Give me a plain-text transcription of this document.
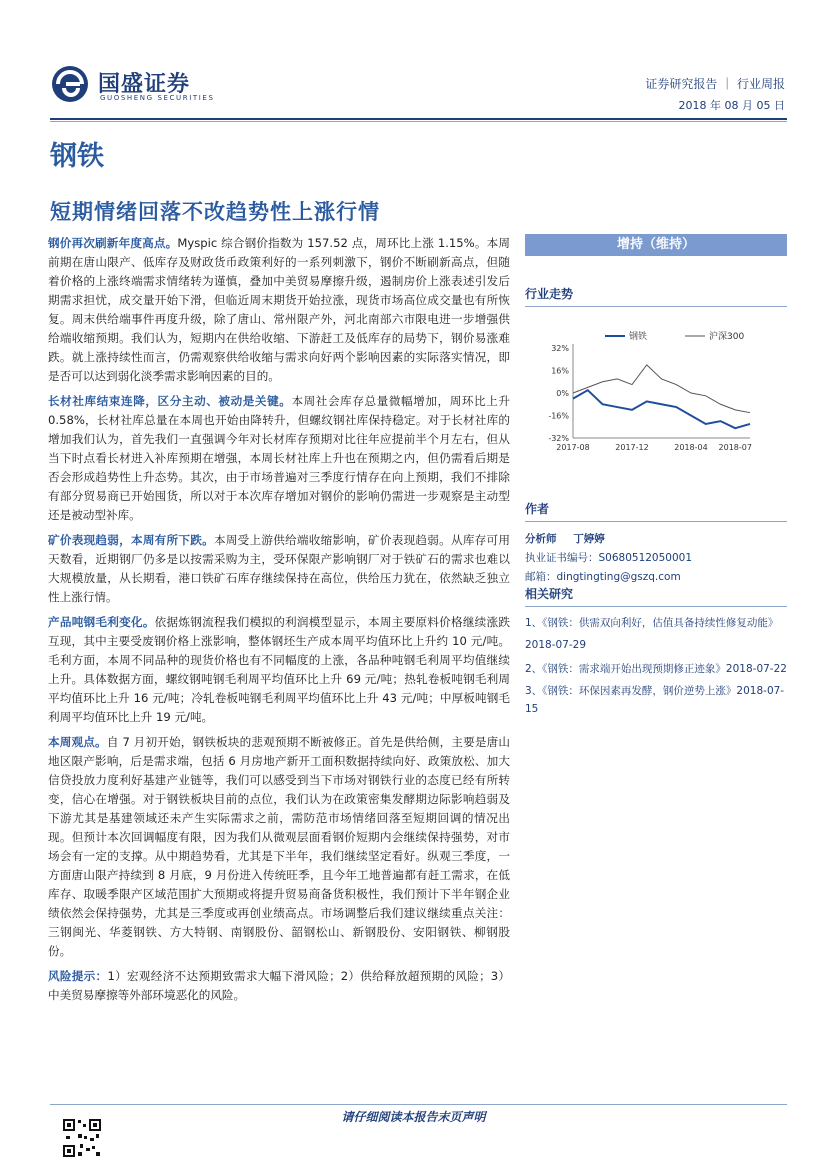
国盛证券
GUOSHENG SECURITIES
证券研究报告 ｜ 行业周报
2018 年 08 月 05 日
钢铁
短期情绪回落不改趋势性上涨行情

钢价再次刷新年度高点。Myspic 综合钢价指数为 157.52 点，周环比上涨 1.15%。本周前期在唐山限产、低库存及财政货币政策利好的一系列刺激下，钢价不断刷新高点，但随着价格的上涨终端需求情绪转为谨慎，叠加中美贸易摩擦升级，遏制房价上涨表述引发后期需求担忧，成交量开始下滑，但临近周末期货开始拉涨，现货市场高位成交量也有所恢复。周末供给端事件再度升级，除了唐山、常州限产外，河北南部六市限电进一步增强供给端收缩预期。我们认为，短期内在供给收缩、下游赶工及低库存的局势下，钢价易涨难跌。就上涨持续性而言，仍需观察供给收缩与需求向好两个影响因素的实际落实情况，即是否可以达到弱化淡季需求影响因素的目的。

长材社库结束连降，区分主动、被动是关键。本周社会库存总量微幅增加，周环比上升 0.58%，长材社库总量在本周也开始由降转升，但螺纹钢社库保持稳定。对于长材社库的增加我们认为，首先我们一直强调今年对长材库存预期对比往年应提前半个月左右，但从当下时点看长材进入补库预期在增强，本周长材社库上升也在预期之内，但仍需看后期是否会形成趋势性上升态势。其次，由于市场普遍对三季度行情存在向上预期，我们不排除有部分贸易商已开始囤货，所以对于本次库存增加对钢价的影响仍需进一步观察是主动型还是被动型补库。

矿价表现趋弱，本周有所下跌。本周受上游供给端收缩影响，矿价表现趋弱。从库存可用天数看，近期钢厂仍多是以按需采购为主，受环保限产影响钢厂对于铁矿石的需求也难以大规模放量，从长期看，港口铁矿石库存继续保持在高位，供给压力犹在，依然缺乏独立性上涨行情。

产品吨钢毛利变化。依据炼钢流程我们模拟的利润模型显示，本周主要原料价格继续涨跌互现，其中主要受废钢价格上涨影响，整体钢坯生产成本周平均值环比上升约 10 元/吨。毛利方面，本周不同品种的现货价格也有不同幅度的上涨，各品种吨钢毛利周平均值继续上升。具体数据方面，螺纹钢吨钢毛利周平均值环比上升 69 元/吨；热轧卷板吨钢毛利周平均值环比上升 16 元/吨；冷轧卷板吨钢毛利周平均值环比上升 43 元/吨；中厚板吨钢毛利周平均值环比上升 19 元/吨。

本周观点。自 7 月初开始，钢铁板块的悲观预期不断被修正。首先是供给侧，主要是唐山地区限产影响，后是需求端，包括 6 月房地产新开工面积数据持续向好、政策放松、加大信贷投放力度利好基建产业链等，我们可以感受到当下市场对钢铁行业的态度已经有所转变，信心在增强。对于钢铁板块目前的点位，我们认为在政策密集发酵期边际影响趋弱及下游尤其是基建领域还未产生实际需求之前，需防范市场情绪回落至短期回调的情况出现。但预计本次回调幅度有限，因为我们从微观层面看钢价短期内会继续保持强势，对市场会有一定的支撑。从中期趋势看，尤其是下半年，我们继续坚定看好。纵观三季度，一方面唐山限产持续到 8 月底，9 月份进入传统旺季，且今年工地普遍都有赶工需求，在低库存、取暖季限产区域范围扩大预期或将提升贸易商备货积极性，我们预计下半年钢企业绩依然会保持强势，尤其是三季度或再创业绩高点。市场调整后我们建议继续重点关注：三钢闽光、华菱钢铁、方大特钢、南钢股份、韶钢松山、新钢股份、安阳钢铁、柳钢股份。

风险提示：1）宏观经济不达预期致需求大幅下滑风险；2）供给释放超预期的风险；3）中美贸易摩擦等外部环境恶化的风险。

增持（维持）
行业走势
32%
16%
0%
-16%
-32%
2017-08	2017-12	2018-04 2018-07
钢铁	沪深300
作者
分析师 丁婷婷
执业证书编号：S0680512050001
邮箱：dingtingting@gszq.com
相关研究
1、《钢铁：供需双向利好，估值具备持续性修复动能》
2018-07-29
2、《钢铁：需求端开始出现预期修正迹象》2018-07-22
3、《钢铁：环保因素再发酵，钢价逆势上涨》2018-07-15
请仔细阅读本报告末页声明
